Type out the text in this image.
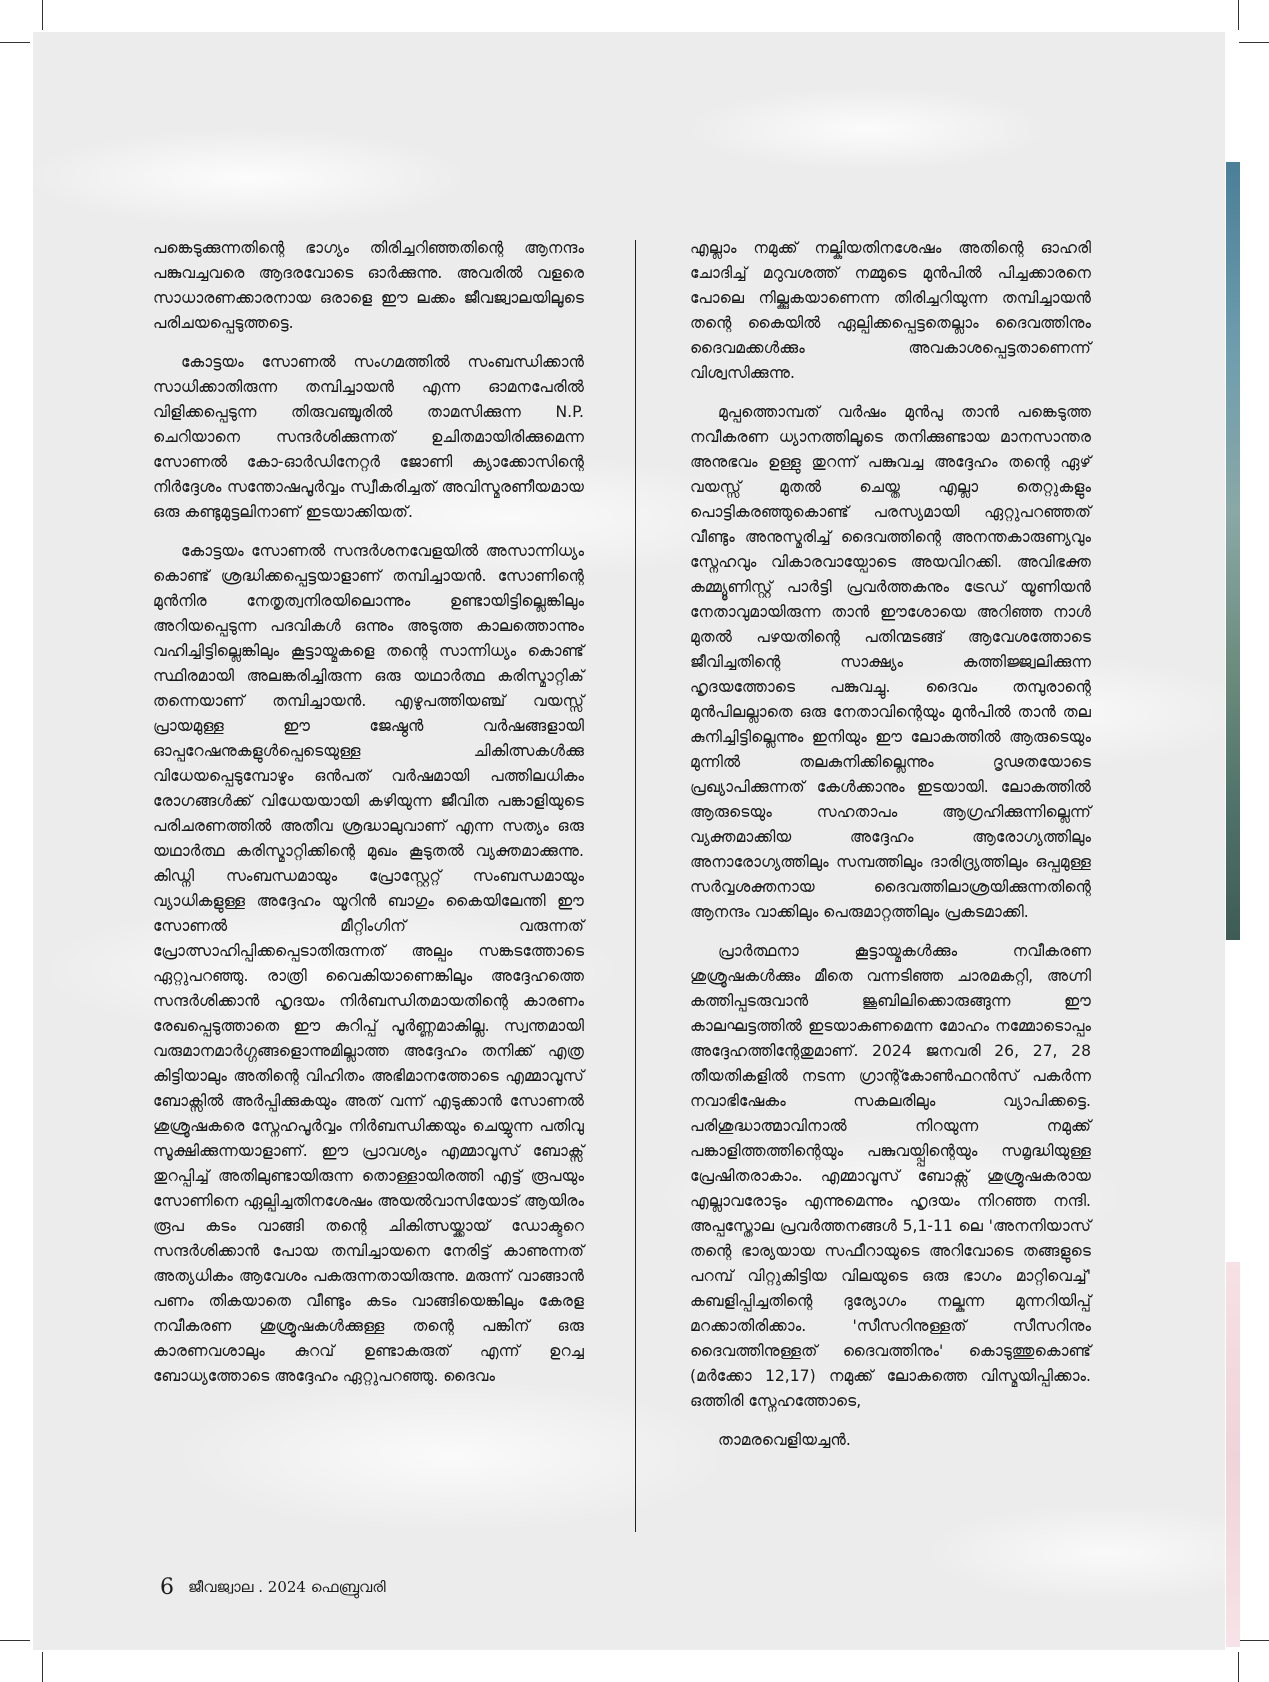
പങ്കെടുക്കുന്നതിന്റെ ഭാഗ്യം തിരിച്ചറിഞ്ഞതിന്റെ ആനന്ദം പങ്കുവച്ചവരെ ആദരവോടെ ഓർക്കുന്നു. അവരിൽ വളരെ സാധാരണക്കാരനായ ഒരാളെ ഈ ലക്കം ജീവജ്വാലയിലൂടെ പരിചയപ്പെടുത്തട്ടെ.

കോട്ടയം സോണൽ സംഗമത്തിൽ സംബന്ധിക്കാൻ സാധിക്കാതിരുന്ന തമ്പിച്ചായൻ എന്ന ഓമനപേരിൽ വിളിക്കപ്പെടുന്ന തിരുവഞ്ചൂരിൽ താമസിക്കുന്ന N.P. ചെറിയാനെ സന്ദർശിക്കുന്നത് ഉചിതമായിരിക്കുമെന്ന സോണൽ കോ-ഓർഡിനേറ്റർ ജോണി ക്യാക്കോസിന്റെ നിർദ്ദേശം സന്തോഷപൂർവ്വം സ്വീകരിച്ചത് അവിസ്മരണീയമായ ഒരു കണ്ടുമുട്ടലിനാണ് ഇടയാക്കിയത്.

കോട്ടയം സോണൽ സന്ദർശനവേളയിൽ അസാന്നിധ്യം കൊണ്ട് ശ്രദ്ധിക്കപ്പെട്ടയാളാണ് തമ്പിച്ചായൻ. സോണിന്റെ മുൻനിര നേതൃത്വനിരയിലൊന്നും ഉണ്ടായിട്ടില്ലെങ്കിലും അറിയപ്പെടുന്ന പദവികൾ ഒന്നും അടുത്ത കാലത്തൊന്നും വഹിച്ചിട്ടില്ലെങ്കിലും കൂട്ടായ്മകളെ തന്റെ സാന്നിധ്യം കൊണ്ട് സ്ഥിരമായി അലങ്കരിച്ചിരുന്ന ഒരു യഥാർത്ഥ കരിസ്മാറ്റിക് തന്നെയാണ് തമ്പിച്ചായൻ. എഴുപത്തിയഞ്ച് വയസ്സ് പ്രായമുള്ള ഈ ജേഷ്ഠൻ വർഷങ്ങളായി ഓപ്പറേഷനുകളുൾപ്പെടെയുള്ള ചികിത്സകൾക്കു വിധേയപ്പെടുമ്പോഴും ഒൻപത് വർഷമായി പത്തിലധികം രോഗങ്ങൾക്ക് വിധേയയായി കഴിയുന്ന ജീവിത പങ്കാളിയുടെ പരിചരണത്തിൽ അതീവ ശ്രദ്ധാലുവാണ് എന്ന സത്യം ഒരു യഥാർത്ഥ കരിസ്മാറ്റിക്കിന്റെ മുഖം കൂടുതൽ വ്യക്തമാക്കുന്നു. കിഡ്നി സംബന്ധമായും പ്രോസ്റ്റേറ്റ് സംബന്ധമായും വ്യാധികളുള്ള അദ്ദേഹം യൂറിൻ ബാഗും കൈയിലേന്തി ഈ സോണൽ മീറ്റിംഗിന് വരുന്നത് പ്രോത്സാഹിപ്പിക്കപ്പെടാതിരുന്നത് അല്പം സങ്കടത്തോടെ ഏറ്റുപറഞ്ഞു. രാത്രി വൈകിയാണെങ്കിലും അദ്ദേഹത്തെ സന്ദർശിക്കാൻ ഹൃദയം നിർബന്ധിതമായതിന്റെ കാരണം രേഖപ്പെടുത്താതെ ഈ കുറിപ്പ് പൂർണ്ണമാകില്ല. സ്വന്തമായി വരുമാനമാർഗ്ഗങ്ങളൊന്നുമില്ലാത്ത അദ്ദേഹം തനിക്ക് എത്ര കിട്ടിയാലും അതിന്റെ വിഹിതം അഭിമാനത്തോടെ എമ്മാവൂസ് ബോക്സിൽ അർപ്പിക്കുകയും അത് വന്ന് എടുക്കാൻ സോണൽ ശുശ്രൂഷകരെ സ്നേഹപൂർവ്വം നിർബന്ധിക്കയും ചെയ്യുന്ന പതിവു സൂക്ഷിക്കുന്നയാളാണ്. ഈ പ്രാവശ്യം എമ്മാവൂസ് ബോക്സ് തുറപ്പിച്ച് അതിലുണ്ടായിരുന്ന തൊള്ളായിരത്തി എട്ട് രൂപയും സോണിനെ ഏല്പിച്ചതിനശേഷം അയൽവാസിയോട് ആയിരം രൂപ കടം വാങ്ങി തന്റെ ചികിത്സയ്ക്കായ് ഡോക്ടറെ സന്ദർശിക്കാൻ പോയ തമ്പിച്ചായനെ നേരിട്ട് കാണുന്നത് അത്യധികം ആവേശം പകരുന്നതായിരുന്നു. മരുന്ന് വാങ്ങാൻ പണം തികയാതെ വീണ്ടും കടം വാങ്ങിയെങ്കിലും കേരള നവീകരണ ശുശ്രൂഷകൾക്കുള്ള തന്റെ പങ്കിന് ഒരു കാരണവശാലും കുറവ് ഉണ്ടാകരുത് എന്ന് ഉറച്ച ബോധ്യത്തോടെ അദ്ദേഹം ഏറ്റുപറഞ്ഞു. ദൈവം

എല്ലാം നമുക്ക് നല്കിയതിനശേഷം അതിന്റെ ഓഹരി ചോദിച്ച് മറുവശത്ത് നമ്മുടെ മുൻപിൽ പിച്ചക്കാരനെ പോലെ നില്ക്കുകയാണെന്ന തിരിച്ചറിയുന്ന തമ്പിച്ചായൻ തന്റെ കൈയിൽ ഏല്പിക്കപ്പെട്ടതെല്ലാം ദൈവത്തിനും ദൈവമക്കൾക്കും അവകാശപ്പെട്ടതാണെന്ന് വിശ്വസിക്കുന്നു.

മുപ്പത്തൊമ്പത് വർഷം മുൻപു താൻ പങ്കെടുത്ത നവീകരണ ധ്യാനത്തിലൂടെ തനിക്കുണ്ടായ മാനസാന്തര അനുഭവം ഉള്ളു തുറന്ന് പങ്കുവച്ച അദ്ദേഹം തന്റെ ഏഴ് വയസ്സ് മുതൽ ചെയ്ത എല്ലാ തെറ്റുകളും പൊട്ടികരഞ്ഞുകൊണ്ട് പരസ്യമായി ഏറ്റുപറഞ്ഞത് വീണ്ടും അനുസ്മരിച്ച് ദൈവത്തിന്റെ അനന്തകാരുണ്യവും സ്നേഹവും വികാരവായ്പോടെ അയവിറക്കി. അവിഭക്ത കമ്മ്യൂണിസ്റ്റ് പാർട്ടി പ്രവർത്തകനും ട്രേഡ് യൂണിയൻ നേതാവുമായിരുന്ന താൻ ഈശോയെ അറിഞ്ഞ നാൾ മുതൽ പഴയതിന്റെ പതിന്മടങ്ങ് ആവേശത്തോടെ ജീവിച്ചതിന്റെ സാക്ഷ്യം കത്തിജ്ജ്വലിക്കുന്ന ഹൃദയത്തോടെ പങ്കുവച്ചു. ദൈവം തമ്പുരാന്റെ മുൻപിലല്ലാതെ ഒരു നേതാവിന്റെയും മുൻപിൽ താൻ തല കുനിച്ചിട്ടില്ലെന്നും ഇനിയും ഈ ലോകത്തിൽ ആരുടെയും മുന്നിൽ തലകുനിക്കില്ലെന്നും ദൃഢതയോടെ പ്രഖ്യാപിക്കുന്നത് കേൾക്കാനും ഇടയായി. ലോകത്തിൽ ആരുടെയും സഹതാപം ആഗ്രഹിക്കുന്നില്ലെന്ന് വ്യക്തമാക്കിയ അദ്ദേഹം ആരോഗ്യത്തിലും അനാരോഗ്യത്തിലും സമ്പത്തിലും ദാരിദ്ര്യത്തിലും ഒപ്പമുള്ള സർവ്വശക്തനായ ദൈവത്തിലാശ്രയിക്കുന്നതിന്റെ ആനന്ദം വാക്കിലും പെരുമാറ്റത്തിലും പ്രകടമാക്കി.

പ്രാർത്ഥനാ കൂട്ടായ്മകൾക്കും നവീകരണ ശുശ്രൂഷകൾക്കും മീതെ വന്നടിഞ്ഞ ചാരമകറ്റി, അഗ്നി കത്തിപ്പടരുവാൻ ജൂബിലിക്കൊരുങ്ങുന്ന ഈ കാലഘട്ടത്തിൽ ഇടയാകണമെന്ന മോഹം നമ്മോടൊപ്പം അദ്ദേഹത്തിന്റേതുമാണ്. 2024 ജനവരി 26, 27, 28 തീയതികളിൽ നടന്ന ഗ്രാന്റ്കോൺഫറൻസ് പകർന്ന നവാഭിഷേകം സകലരിലും വ്യാപിക്കട്ടെ. പരിശുദ്ധാത്മാവിനാൽ നിറയുന്ന നമുക്ക് പങ്കാളിത്തത്തിന്റെയും പങ്കുവയ്പ്പിന്റെയും സമൃദ്ധിയുള്ള പ്രേഷിതരാകാം. എമ്മാവൂസ് ബോക്സ് ശുശ്രൂഷകരായ എല്ലാവരോടും എന്നുമെന്നും ഹൃദയം നിറഞ്ഞ നന്ദി. അപ്പസ്തോല പ്രവർത്തനങ്ങൾ 5,1-11 ലെ 'അനനിയാസ് തന്റെ ഭാര്യയായ സഫീറായുടെ അറിവോടെ തങ്ങളുടെ പറമ്പ് വിറ്റുകിട്ടിയ വിലയുടെ ഒരു ഭാഗം മാറ്റിവെച്ച്' കബളിപ്പിച്ചതിന്റെ ദുര്യോഗം നല്കുന്ന മുന്നറിയിപ്പ് മറക്കാതിരിക്കാം. 'സീസറിനുള്ളത് സീസറിനും ദൈവത്തിനുള്ളത് ദൈവത്തിനും' കൊടുത്തുകൊണ്ട് (മർക്കോ 12,17) നമുക്ക് ലോകത്തെ വിസ്മയിപ്പിക്കാം. ഒത്തിരി സ്നേഹത്തോടെ,

താമരവെളിയച്ചൻ.

6 ജീവജ്വാല . 2024 ഫെബ്രുവരി
